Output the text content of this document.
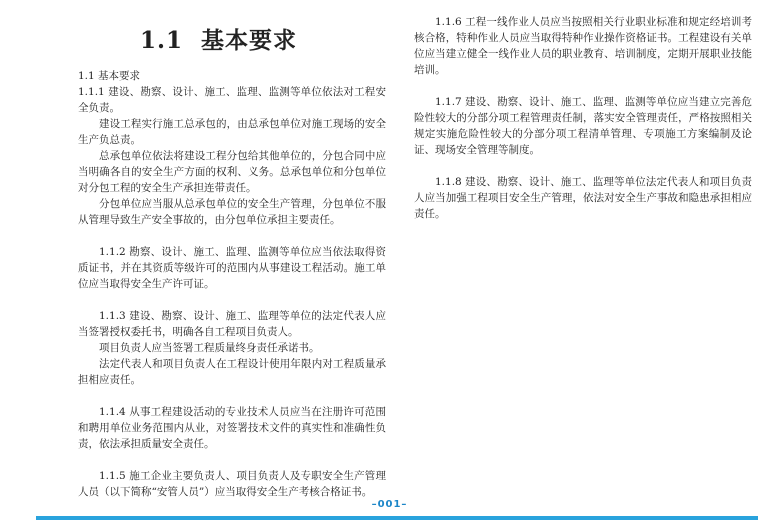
1.1 基本要求
1.1 基本要求

1.1.1 建设、勘察、设计、施工、监理、监测等单位依法对工程安全负责。

建设工程实行施工总承包的，由总承包单位对施工现场的安全生产负总责。

总承包单位依法将建设工程分包给其他单位的，分包合同中应当明确各自的安全生产方面的权利、义务。总承包单位和分包单位对分包工程的安全生产承担连带责任。

分包单位应当服从总承包单位的安全生产管理，分包单位不服从管理导致生产安全事故的，由分包单位承担主要责任。

1.1.2 勘察、设计、施工、监理、监测等单位应当依法取得资质证书，并在其资质等级许可的范围内从事建设工程活动。施工单位应当取得安全生产许可证。

1.1.3 建设、勘察、设计、施工、监理等单位的法定代表人应当签署授权委托书，明确各自工程项目负责人。

项目负责人应当签署工程质量终身责任承诺书。

法定代表人和项目负责人在工程设计使用年限内对工程质量承担相应责任。

1.1.4 从事工程建设活动的专业技术人员应当在注册许可范围和聘用单位业务范围内从业，对签署技术文件的真实性和准确性负责，依法承担质量安全责任。

1.1.5 施工企业主要负责人、项目负责人及专职安全生产管理人员（以下简称“安管人员”）应当取得安全生产考核合格证书。

1.1.6 工程一线作业人员应当按照相关行业职业标准和规定经培训考核合格，特种作业人员应当取得特种作业操作资格证书。工程建设有关单位应当建立健全一线作业人员的职业教育、培训制度，定期开展职业技能培训。

1.1.7 建设、勘察、设计、施工、监理、监测等单位应当建立完善危险性较大的分部分项工程管理责任制，落实安全管理责任，严格按照相关规定实施危险性较大的分部分项工程清单管理、专项施工方案编制及论证、现场安全管理等制度。

1.1.8 建设、勘察、设计、施工、监理等单位法定代表人和项目负责人应当加强工程项目安全生产管理，依法对安全生产事故和隐患承担相应责任。

–001–
